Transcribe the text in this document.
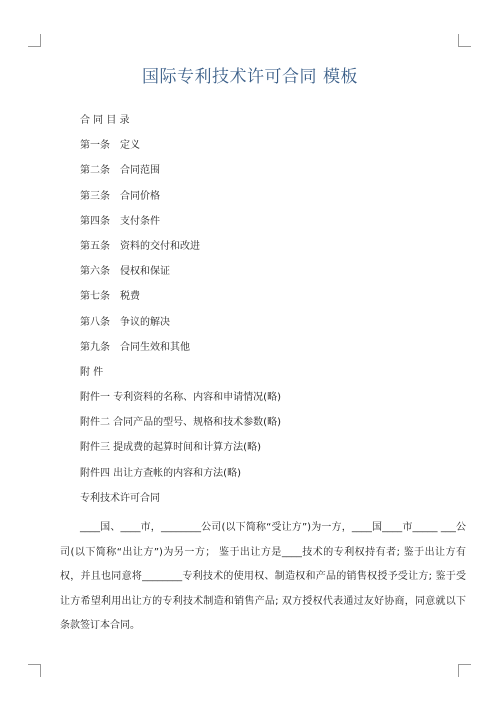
国际专利技术许可合同 模板
合 同 目 录
第一条 定义
第二条 合同范围
第三条 合同价格
第四条 支付条件
第五条 资料的交付和改进
第六条 侵权和保证
第七条 税费
第八条 争议的解决
第九条 合同生效和其他
附 件
附件一 专利资料的名称、内容和申请情况(略)
附件二 合同产品的型号、规格和技术参数(略)
附件三 提成费的起算时间和计算方法(略)
附件四 出让方查帐的内容和方法(略)
专利技术许可合同

____国、____市，________公司(以下简称“受让方”)为一方，____国____市_____ ___公司(以下简称“出让方”)为另一方； 鉴于出让方是____技术的专利权持有者; 鉴于出让方有权，并且也同意将________专利技术的使用权、制造权和产品的销售权授予受让方; 鉴于受让方希望利用出让方的专利技术制造和销售产品; 双方授权代表通过友好协商，同意就以下条款签订本合同。
